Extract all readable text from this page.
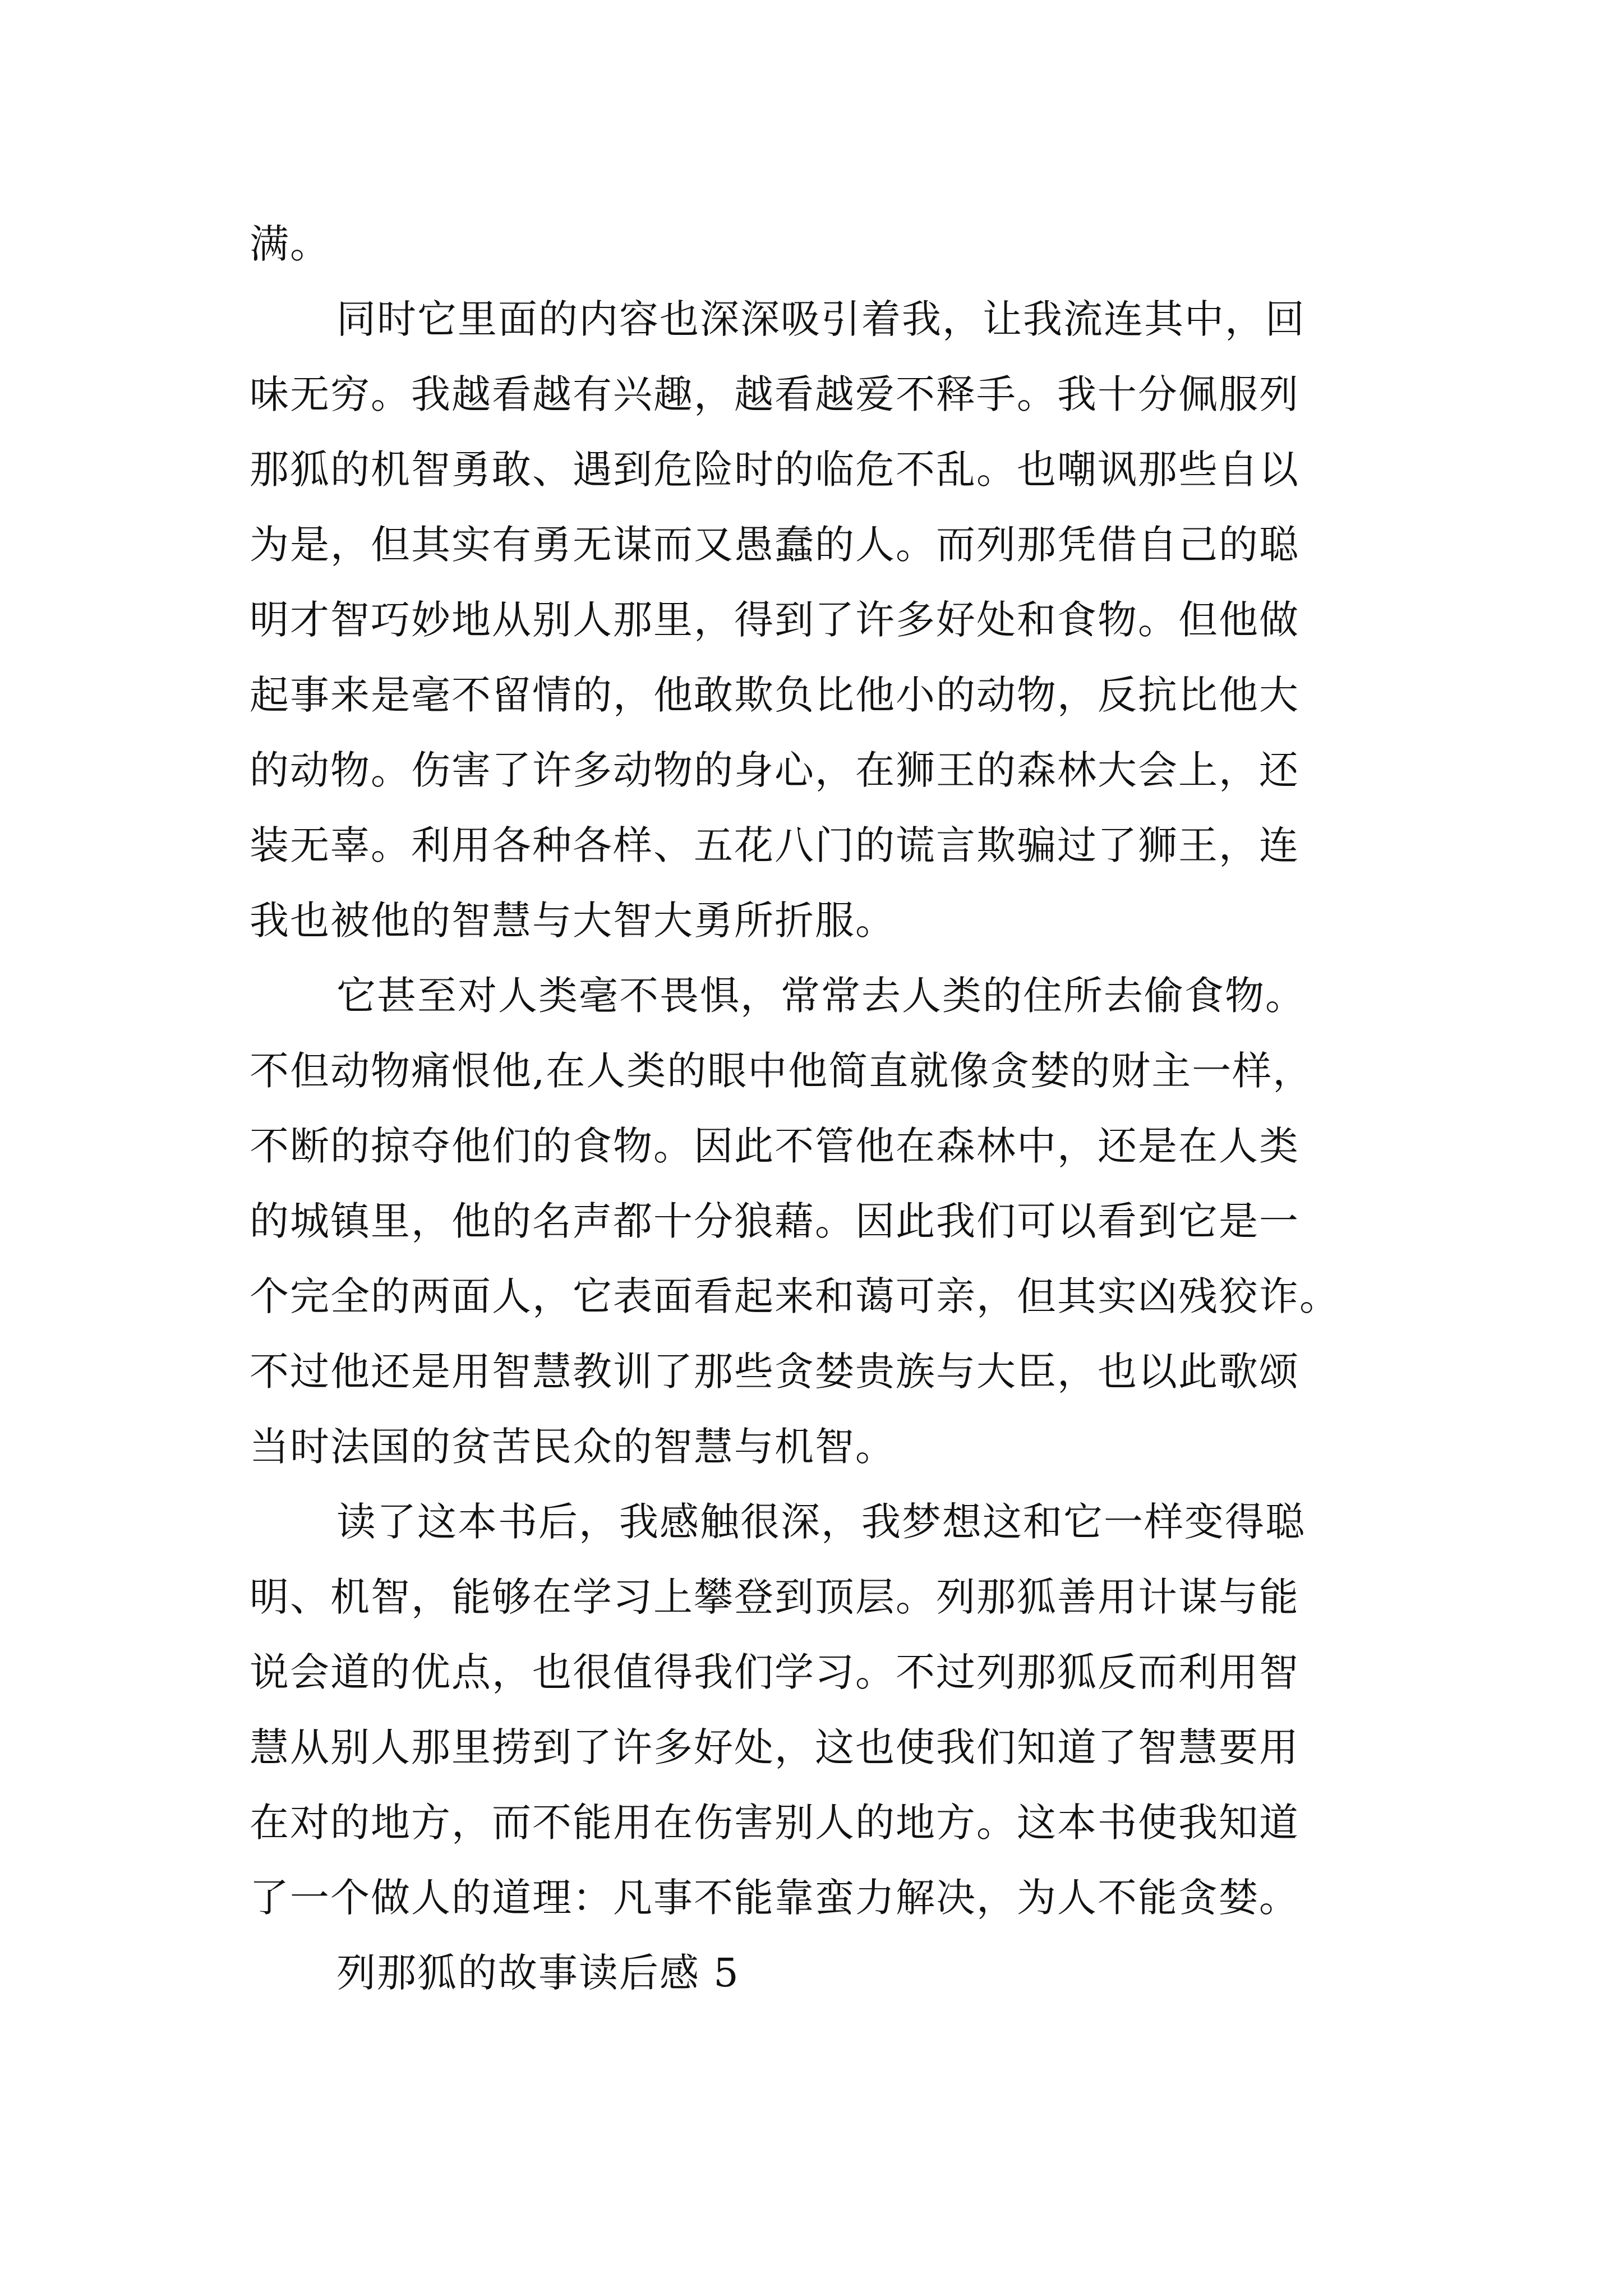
满。
同时它里面的内容也深深吸引着我，让我流连其中，回
味无穷。我越看越有兴趣，越看越爱不释手。我十分佩服列
那狐的机智勇敢、遇到危险时的临危不乱。也嘲讽那些自以
为是，但其实有勇无谋而又愚蠢的人。而列那凭借自己的聪
明才智巧妙地从别人那里，得到了许多好处和食物。但他做
起事来是毫不留情的，他敢欺负比他小的动物，反抗比他大
的动物。伤害了许多动物的身心，在狮王的森林大会上，还
装无辜。利用各种各样、五花八门的谎言欺骗过了狮王，连
我也被他的智慧与大智大勇所折服。
它甚至对人类毫不畏惧，常常去人类的住所去偷食物。
不但动物痛恨他,在人类的眼中他简直就像贪婪的财主一样，
不断的掠夺他们的食物。因此不管他在森林中，还是在人类
的城镇里，他的名声都十分狼藉。因此我们可以看到它是一
个完全的两面人，它表面看起来和蔼可亲，但其实凶残狡诈。
不过他还是用智慧教训了那些贪婪贵族与大臣，也以此歌颂
当时法国的贫苦民众的智慧与机智。
读了这本书后，我感触很深，我梦想这和它一样变得聪
明、机智，能够在学习上攀登到顶层。列那狐善用计谋与能
说会道的优点，也很值得我们学习。不过列那狐反而利用智
慧从别人那里捞到了许多好处，这也使我们知道了智慧要用
在对的地方，而不能用在伤害别人的地方。这本书使我知道
了一个做人的道理：凡事不能靠蛮力解决，为人不能贪婪。
列那狐的故事读后感 5
